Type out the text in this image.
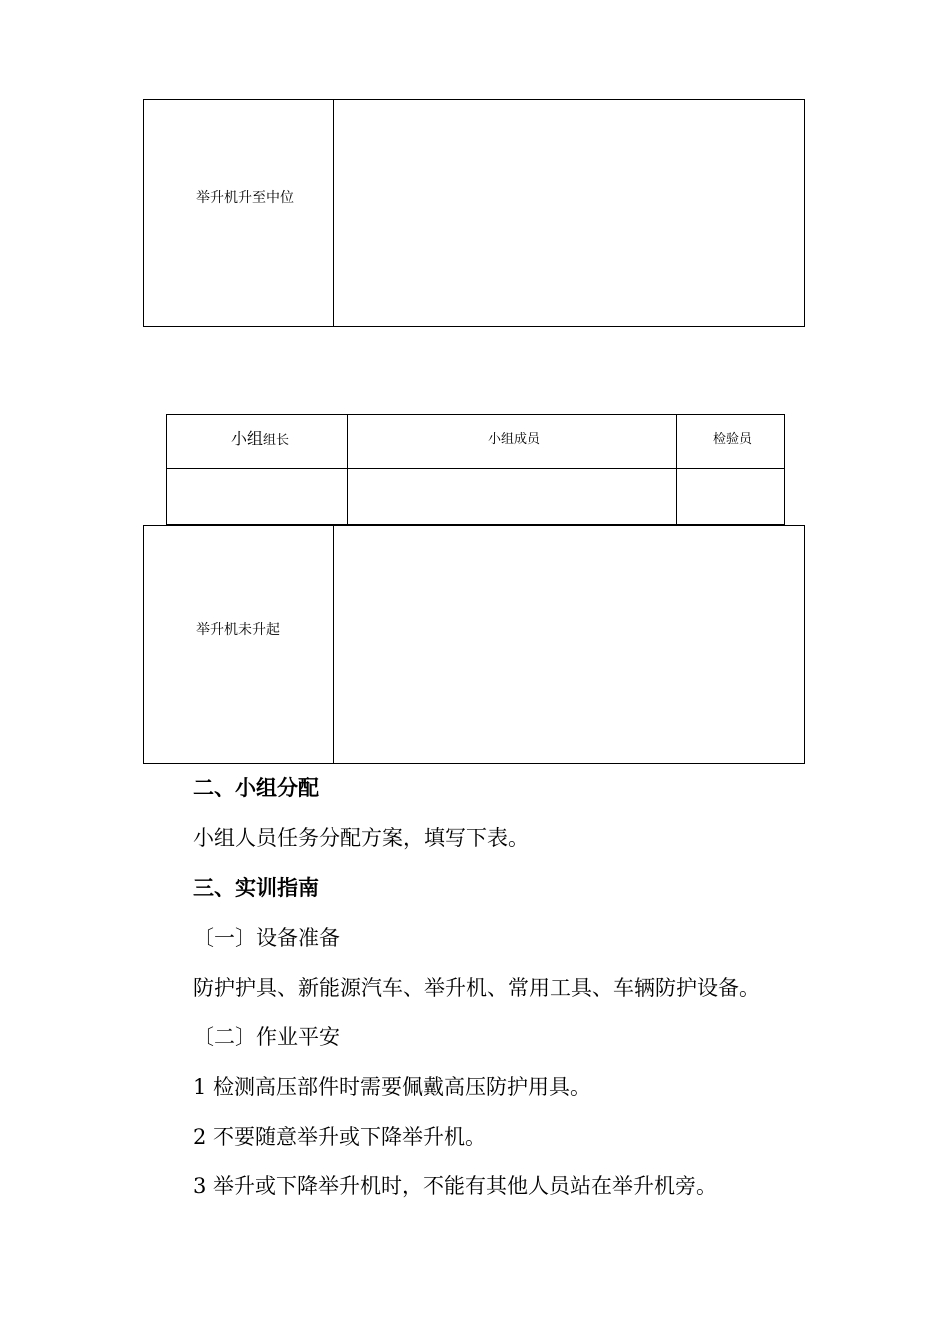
举升机升至中位
小组组长	小组成员	检验员
举升机未升起
二、小组分配
小组人员任务分配方案，填写下表。
三、实训指南
〔一〕设备准备
防护护具、新能源汽车、举升机、常用工具、车辆防护设备。
〔二〕作业平安
1 检测高压部件时需要佩戴高压防护用具。
2 不要随意举升或下降举升机。
3 举升或下降举升机时，不能有其他人员站在举升机旁。
